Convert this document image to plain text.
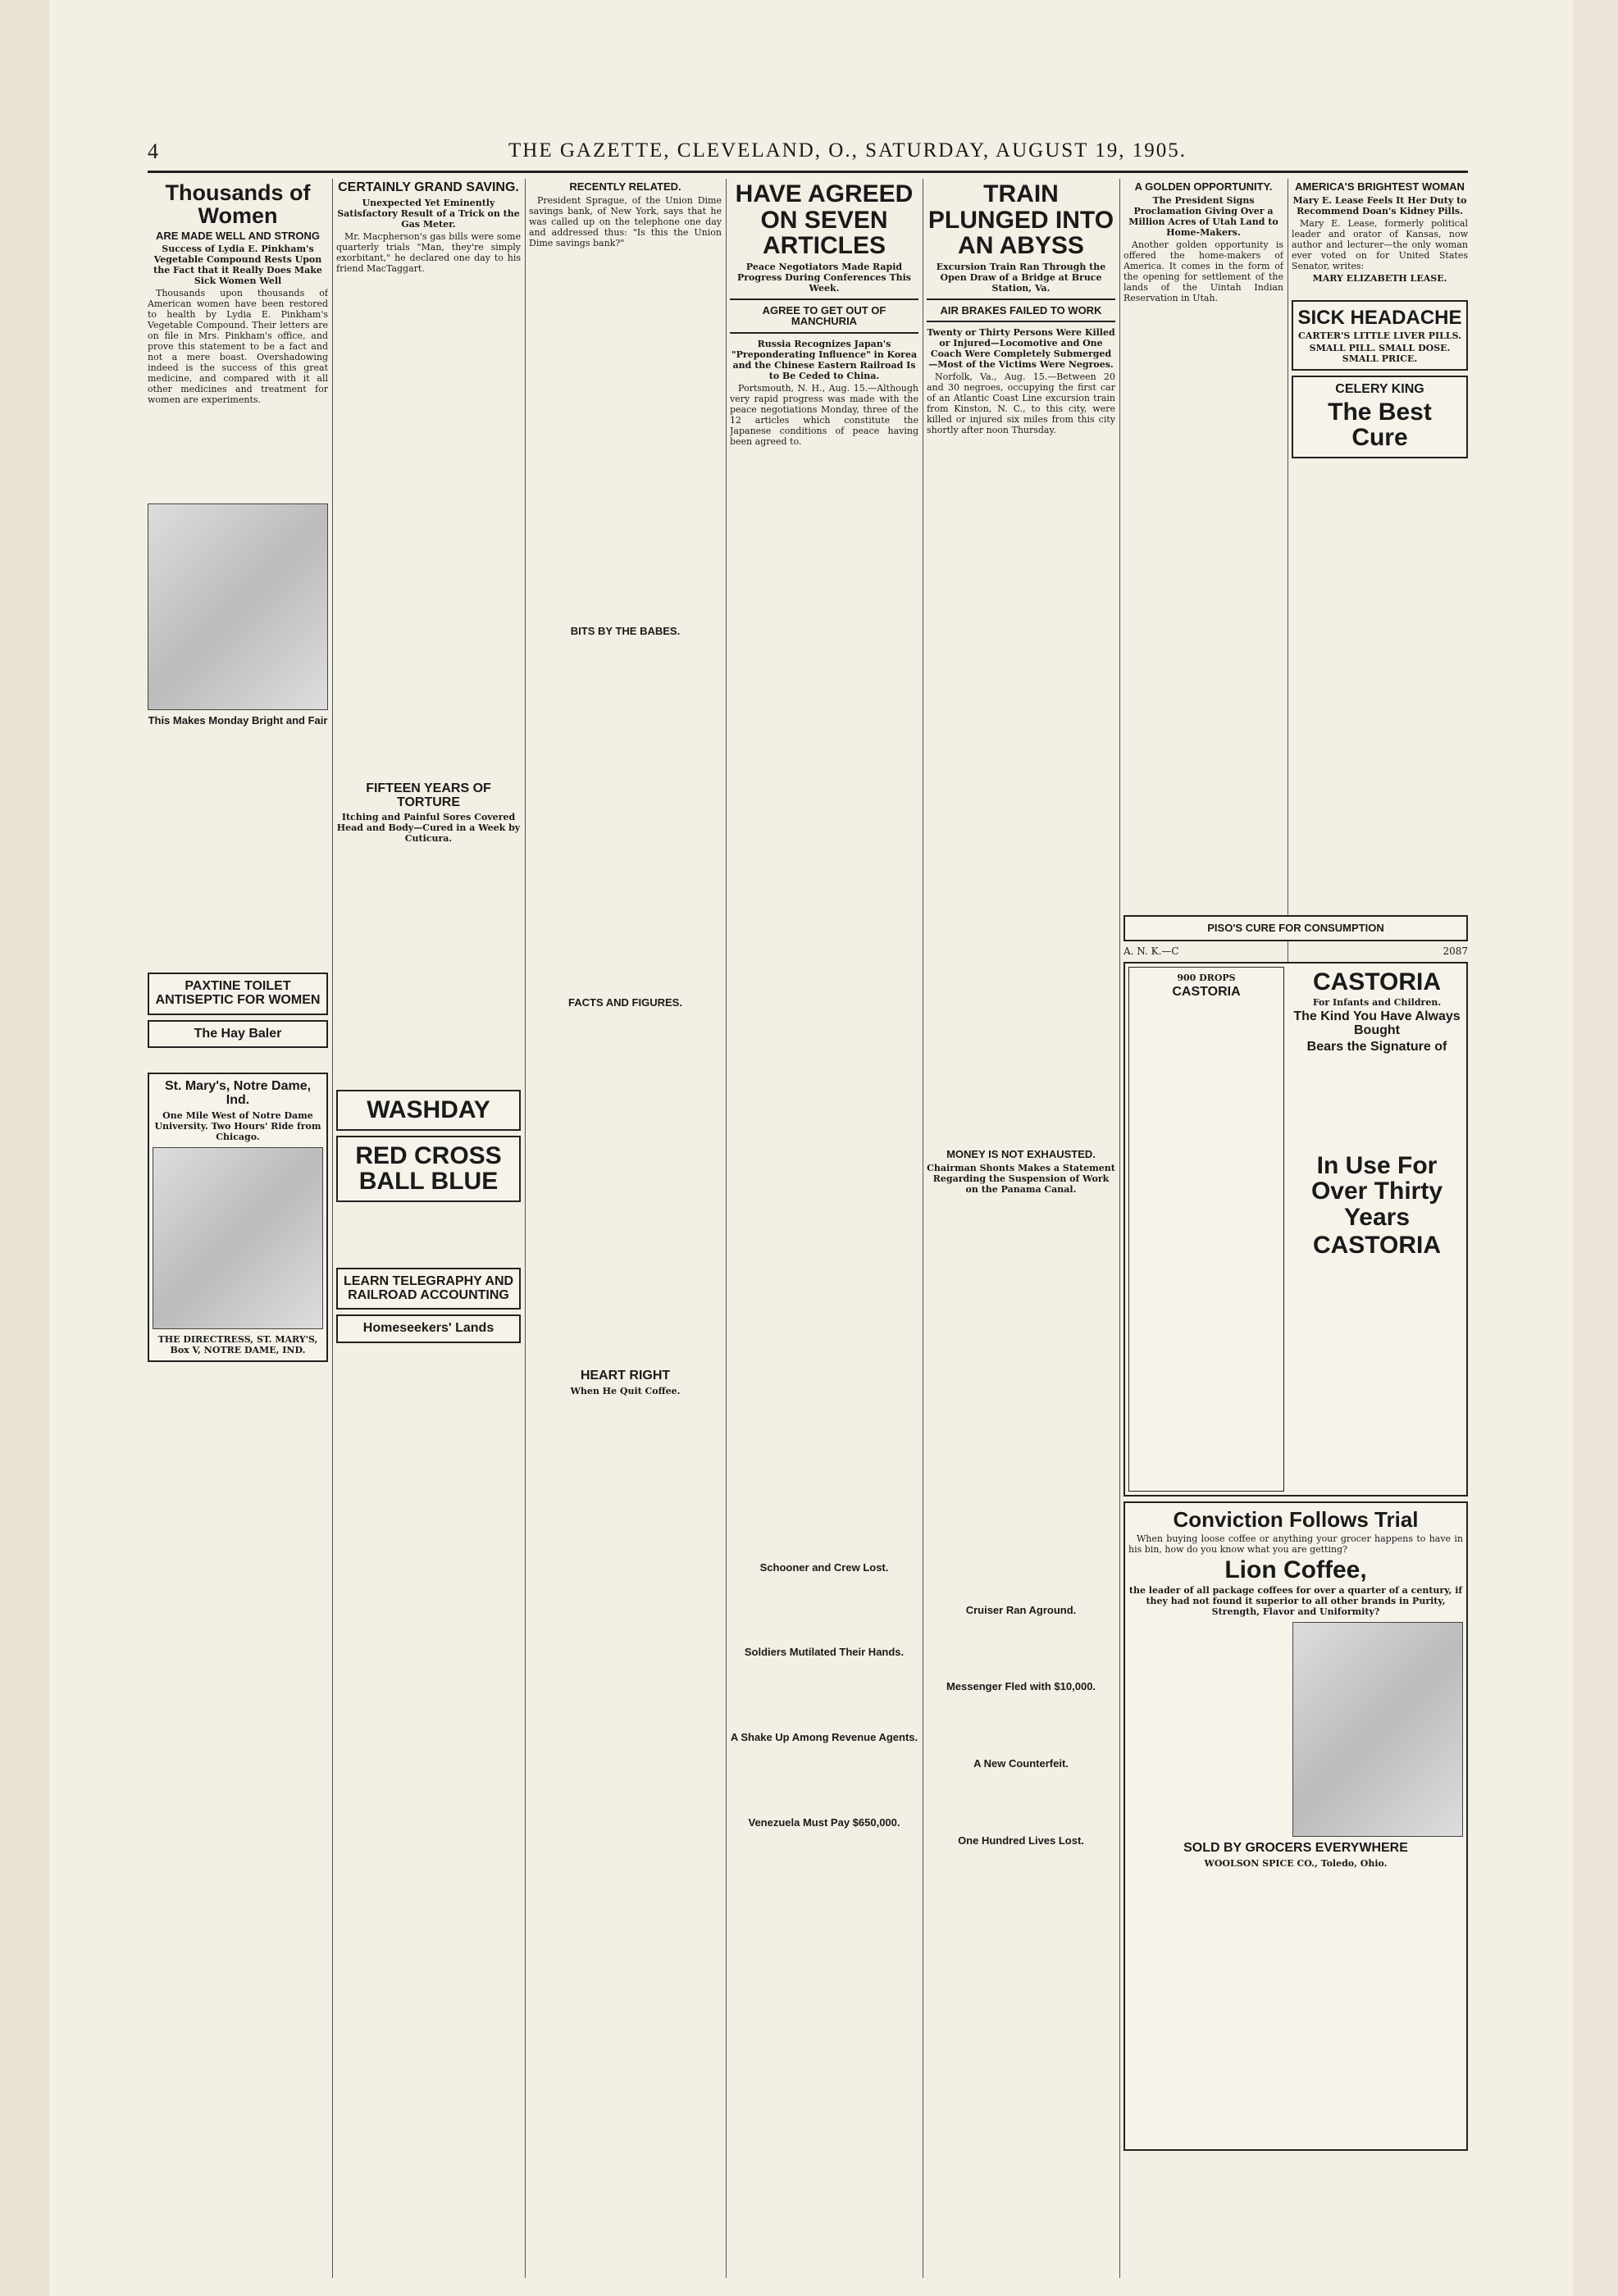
4	THE GAZETTE, CLEVELAND, O., SATURDAY, AUGUST 19, 1905.
Thousands of Women
ARE MADE WELL AND STRONG
Success of Lydia E. Pinkham's Vegetable Compound Rests Upon the Fact that it Really Does Make Sick Women Well

Thousands upon thousands of American women have been restored to health by Lydia E. Pinkham's Vegetable Compound. Their letters are on file in Mrs. Pinkham's office, and prove this statement to be a fact and not a mere boast. Overshadowing indeed is the success of this great medicine, and compared with it all other medicines and treatment for women are experiments.

This Makes Monday Bright and Fair
PAXTINE TOILET ANTISEPTIC FOR WOMEN
The Hay Baler
St. Mary's, Notre Dame, Ind.
One Mile West of Notre Dame University. Two Hours' Ride from Chicago.
THE DIRECTRESS, ST. MARY'S, Box V, NOTRE DAME, IND.
CERTAINLY GRAND SAVING.
Unexpected Yet Eminently Satisfactory Result of a Trick on the Gas Meter.

Mr. Macpherson's gas bills were some quarterly trials "Man, they're simply exorbitant," he declared one day to his friend MacTaggart.

FIFTEEN YEARS OF TORTURE
Itching and Painful Sores Covered Head and Body—Cured in a Week by Cuticura.
WASHDAY
RED CROSS BALL BLUE
LEARN TELEGRAPHY AND RAILROAD ACCOUNTING
Homeseekers' Lands
RECENTLY RELATED.

President Sprague, of the Union Dime savings bank, of New York, says that he was called up on the telephone one day and addressed thus: "Is this the Union Dime savings bank?"

BITS BY THE BABES.
FACTS AND FIGURES.
HEART RIGHT
When He Quit Coffee.
HAVE AGREED ON SEVEN ARTICLES
Peace Negotiators Made Rapid Progress During Conferences This Week.
AGREE TO GET OUT OF MANCHURIA
Russia Recognizes Japan's "Preponderating Influence" in Korea and the Chinese Eastern Railroad Is to Be Ceded to China.

Portsmouth, N. H., Aug. 15.—Although very rapid progress was made with the peace negotiations Monday, three of the 12 articles which constitute the Japanese conditions of peace having been agreed to.

Schooner and Crew Lost.
Soldiers Mutilated Their Hands.
A Shake Up Among Revenue Agents.
Venezuela Must Pay $650,000.
TRAIN PLUNGED INTO AN ABYSS
Excursion Train Ran Through the Open Draw of a Bridge at Bruce Station, Va.
AIR BRAKES FAILED TO WORK
Twenty or Thirty Persons Were Killed or Injured—Locomotive and One Coach Were Completely Submerged—Most of the Victims Were Negroes.

Norfolk, Va., Aug. 15.—Between 20 and 30 negroes, occupying the first car of an Atlantic Coast Line excursion train from Kinston, N. C., to this city, were killed or injured six miles from this city shortly after noon Thursday.

MONEY IS NOT EXHAUSTED.
Chairman Shonts Makes a Statement Regarding the Suspension of Work on the Panama Canal.
Cruiser Ran Aground.
Messenger Fled with $10,000.
A New Counterfeit.
One Hundred Lives Lost.
A GOLDEN OPPORTUNITY.
The President Signs Proclamation Giving Over a Million Acres of Utah Land to Home-Makers.

Another golden opportunity is offered the home-makers of America. It comes in the form of the opening for settlement of the lands of the Uintah Indian Reservation in Utah.

AMERICA'S BRIGHTEST WOMAN
Mary E. Lease Feels It Her Duty to Recommend Doan's Kidney Pills.

Mary E. Lease, formerly political leader and orator of Kansas, now author and lecturer—the only woman ever voted on for United States Senator, writes:

MARY ELIZABETH LEASE.
SICK HEADACHE
CARTER'S LITTLE LIVER PILLS.
SMALL PILL. SMALL DOSE. SMALL PRICE.
CELERY KING
The Best Cure
PISO'S CURE FOR CONSUMPTION
A. N. K.—C	2087
900 DROPS
CASTORIA	CASTORIA
For Infants and Children.
The Kind You Have Always Bought
Bears the Signature of
In Use For Over Thirty Years
CASTORIA
Conviction Follows Trial

When buying loose coffee or anything your grocer happens to have in his bin, how do you know what you are getting?

Lion Coffee,
the leader of all package coffees for over a quarter of a century, if they had not found it superior to all other brands in Purity, Strength, Flavor and Uniformity?
SOLD BY GROCERS EVERYWHERE
WOOLSON SPICE CO., Toledo, Ohio.
